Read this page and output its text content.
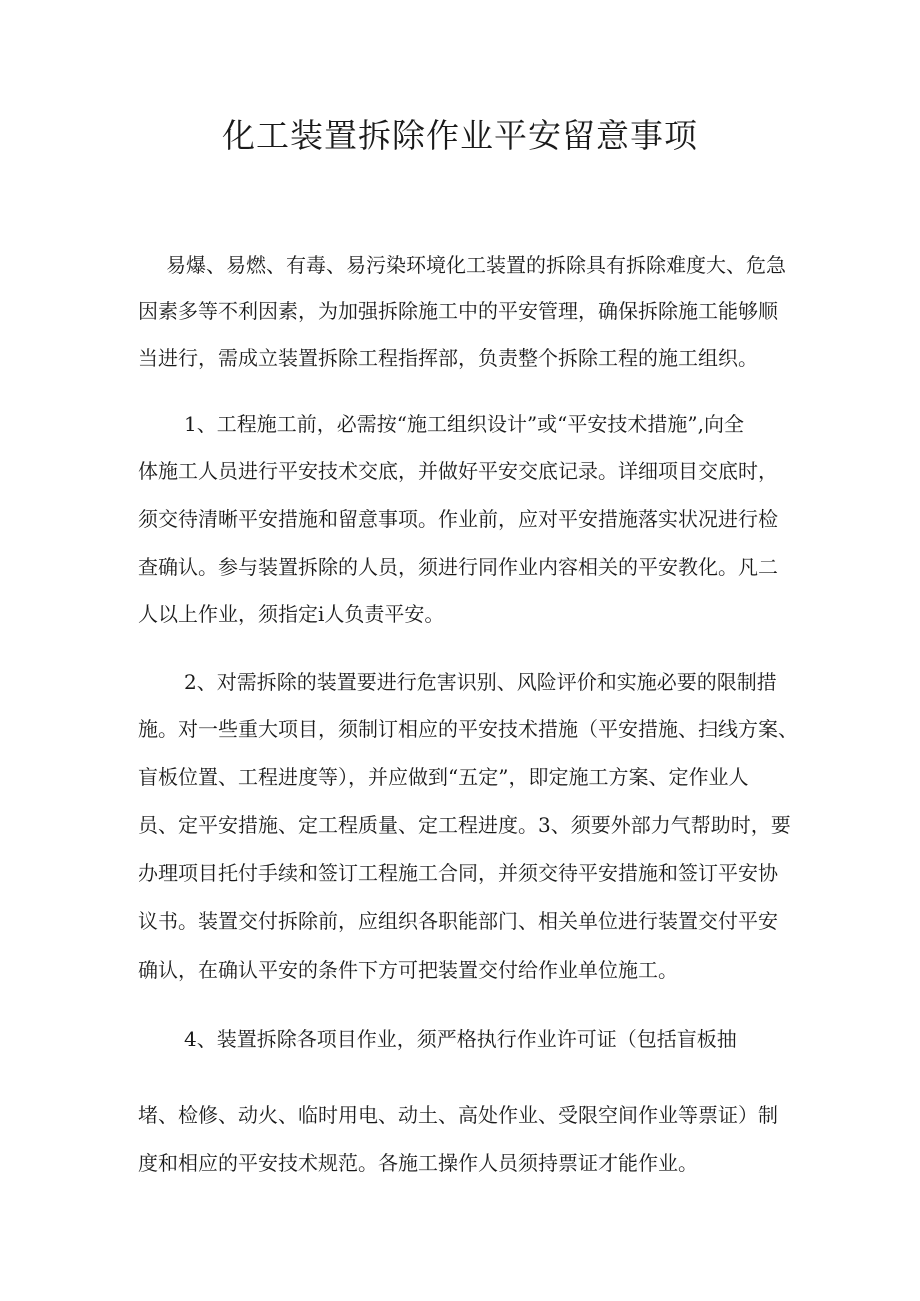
化工装置拆除作业平安留意事项

易爆、易燃、有毒、易污染环境化工装置的拆除具有拆除难度大、危急

因素多等不利因素，为加强拆除施工中的平安管理，确保拆除施工能够顺

当进行，需成立装置拆除工程指挥部，负责整个拆除工程的施工组织。

1、工程施工前，必需按“施工组织设计”或“平安技术措施”,向全

体施工人员进行平安技术交底，并做好平安交底记录。详细项目交底时，

须交待清晰平安措施和留意事项。作业前，应对平安措施落实状况进行检

查确认。参与装置拆除的人员，须进行同作业内容相关的平安教化。凡二

人以上作业，须指定i人负责平安。

2、对需拆除的装置要进行危害识别、风险评价和实施必要的限制措

施。对一些重大项目，须制订相应的平安技术措施（平安措施、扫线方案、

盲板位置、工程进度等），并应做到“五定”，即定施工方案、定作业人

员、定平安措施、定工程质量、定工程进度。3、须要外部力气帮助时，要

办理项目托付手续和签订工程施工合同，并须交待平安措施和签订平安协

议书。装置交付拆除前，应组织各职能部门、相关单位进行装置交付平安

确认，在确认平安的条件下方可把装置交付给作业单位施工。

4、装置拆除各项目作业，须严格执行作业许可证（包括盲板抽

堵、检修、动火、临时用电、动土、高处作业、受限空间作业等票证）制

度和相应的平安技术规范。各施工操作人员须持票证才能作业。
